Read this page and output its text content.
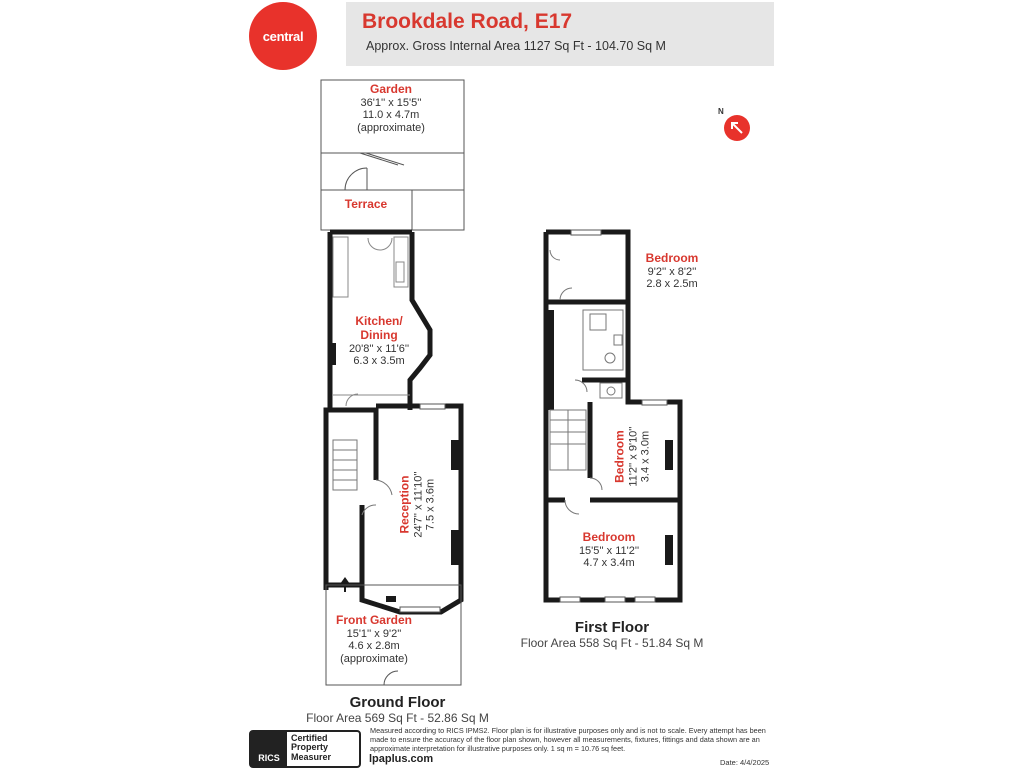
central
Brookdale Road, E17
Approx. Gross Internal Area 1127 Sq Ft - 104.70 Sq M
N
Garden
36'1'' x 15'5''
11.0 x 4.7m
(approximate)
Terrace
Kitchen/
Dining
20'8'' x 11'6''
6.3 x 3.5m
Reception 24'7'' x 11'10'' 7.5 x 3.6m
Front Garden
15'1'' x 9'2''
4.6 x 2.8m
(approximate)
Bedroom
9'2'' x 8'2''
2.8 x 2.5m
Bedroom 11'2'' x 9'10'' 3.4 x 3.0m
Bedroom
15'5'' x 11'2''
4.7 x 3.4m
Ground Floor
Floor Area 569 Sq Ft - 52.86 Sq M
First Floor
Floor Area 558 Sq Ft - 51.84 Sq M
RICS
Certified
Property
Measurer
Measured according to RICS IPMS2. Floor plan is for illustrative purposes only and is not to scale. Every attempt has been made to ensure the accuracy of the floor plan shown, however all measurements, fixtures, fittings and data shown are an approximate interpretation for illustrative purposes only. 1 sq m = 10.76 sq feet.
lpaplus.com	Date: 4/4/2025
